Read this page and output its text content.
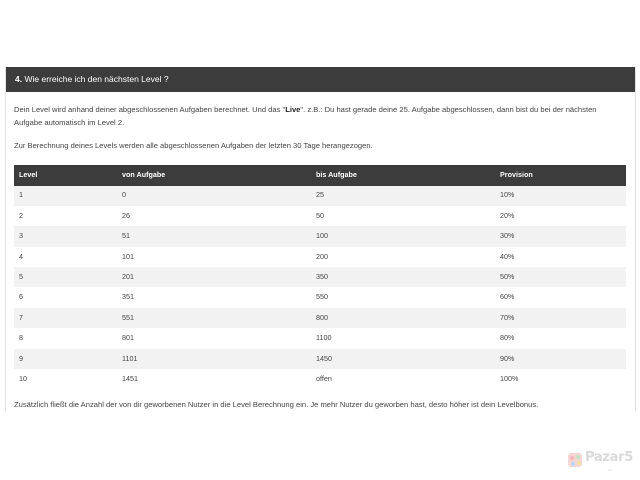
4. Wie erreiche ich den nächsten Level ?

Dein Level wird anhand deiner abgeschlossenen Aufgaben berechnet. Und das "Live". z.B.: Du hast gerade deine 25. Aufgabe abgeschlossen, dann bist du bei der nächsten Aufgabe automatisch im Level 2.

Zur Berechnung deines Levels werden alle abgeschlossenen Aufgaben der letzten 30 Tage herangezogen.

Level	von Aufgabe	bis Aufgabe	Provision
1	0	25	10%
2	26	50	20%
3	51	100	30%
4	101	200	40%
5	201	350	50%
6	351	550	60%
7	551	800	70%
8	801	1100	80%
9	1101	1450	90%
10	1451	offen	100%

Zusätzlich fließt die Anzahl der von dir geworbenen Nutzer in die Level Berechnung ein. Je mehr Nutzer du geworben hast, desto höher ist dein Levelbonus.

Pazar5
.az
